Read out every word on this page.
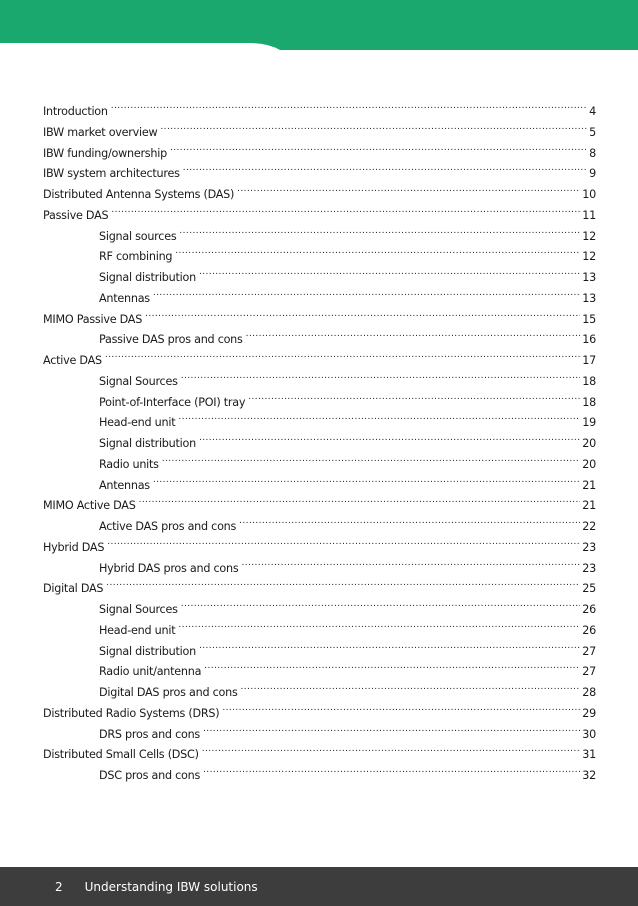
Introduction .....	4
IBW market overview .....	5
IBW funding/ownership .....	8
IBW system architectures .....	9
Distributed Antenna Systems (DAS) .....	10
Passive DAS .....	11
Signal sources .....	12
RF combining .....	12
Signal distribution .....	13
Antennas .....	13
MIMO Passive DAS .....	15
Passive DAS pros and cons .....	16
Active DAS .....	17
Signal Sources .....	18
Point-of-Interface (POI) tray .....	18
Head-end unit .....	19
Signal distribution .....	20
Radio units .....	20
Antennas .....	21
MIMO Active DAS .....	21
Active DAS pros and cons .....	22
Hybrid DAS .....	23
Hybrid DAS pros and cons .....	23
Digital DAS .....	25
Signal Sources .....	26
Head-end unit .....	26
Signal distribution .....	27
Radio unit/antenna .....	27
Digital DAS pros and cons .....	28
Distributed Radio Systems (DRS) .....	29
DRS pros and cons .....	30
Distributed Small Cells (DSC) .....	31
DSC pros and cons .....	32
2 Understanding IBW solutions
